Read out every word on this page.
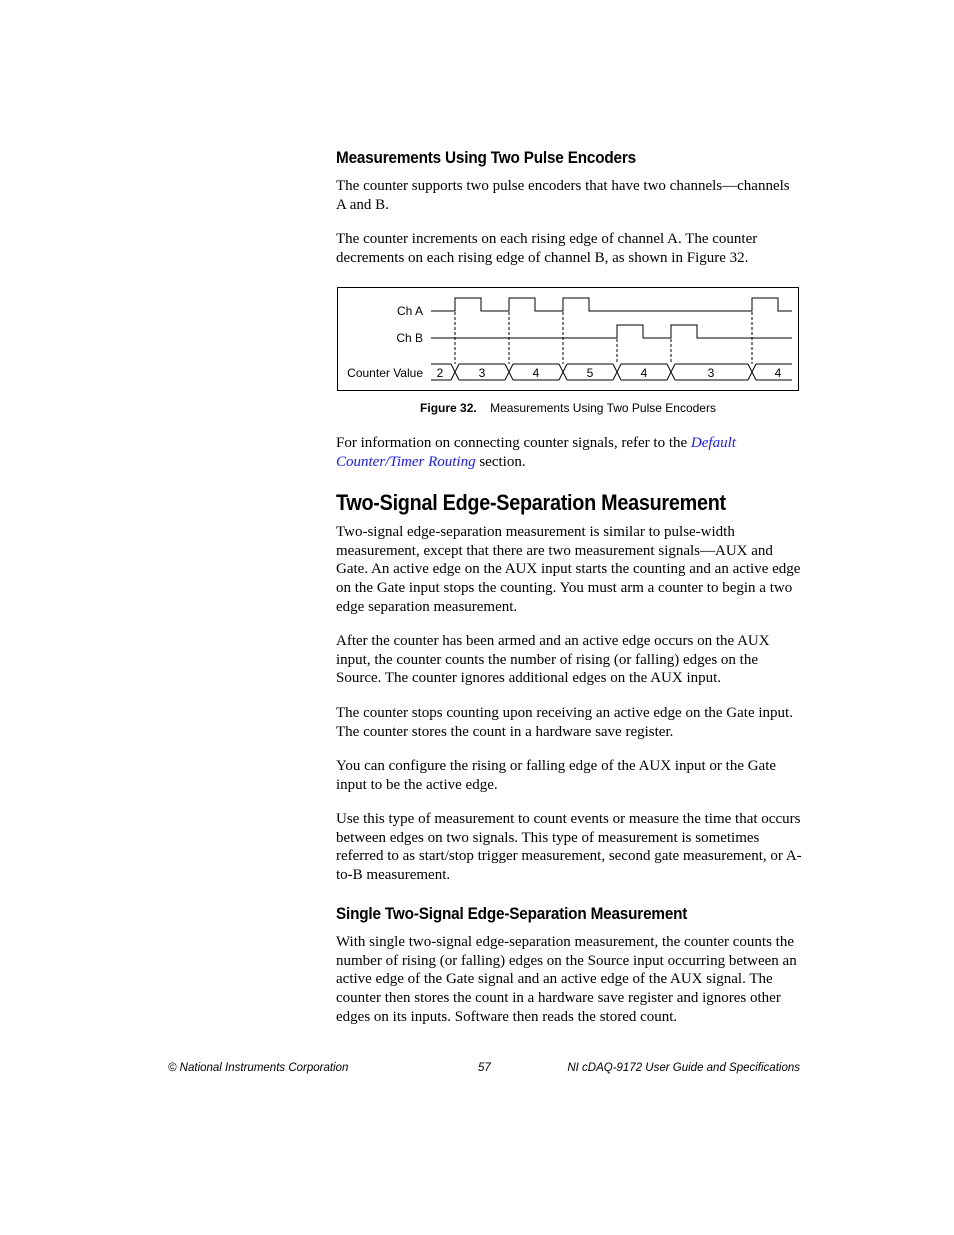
Measurements Using Two Pulse Encoders

The counter supports two pulse encoders that have two channels—channels A and B.

The counter increments on each rising edge of channel A. The counter decrements on each rising edge of channel B, as shown in Figure 32.

Ch A
Ch B
Counter Value 2	3	4	5	4	3	4
Figure 32. Measurements Using Two Pulse Encoders

For information on connecting counter signals, refer to the Default
Counter/Timer Routing section.

Two-Signal Edge-Separation Measurement

Two-signal edge-separation measurement is similar to pulse-width measurement, except that there are two measurement signals—AUX and Gate. An active edge on the AUX input starts the counting and an active edge on the Gate input stops the counting. You must arm a counter to begin a two edge separation measurement.

After the counter has been armed and an active edge occurs on the AUX input, the counter counts the number of rising (or falling) edges on the Source. The counter ignores additional edges on the AUX input.

The counter stops counting upon receiving an active edge on the Gate input. The counter stores the count in a hardware save register.

You can configure the rising or falling edge of the AUX input or the Gate input to be the active edge.

Use this type of measurement to count events or measure the time that occurs between edges on two signals. This type of measurement is sometimes referred to as start/stop trigger measurement, second gate measurement, or A-to-B measurement.

Single Two-Signal Edge-Separation Measurement

With single two-signal edge-separation measurement, the counter counts the number of rising (or falling) edges on the Source input occurring between an active edge of the Gate signal and an active edge of the AUX signal. The counter then stores the count in a hardware save register and ignores other edges on its inputs. Software then reads the stored count.

© National Instruments Corporation	57	NI cDAQ-9172 User Guide and Specifications
